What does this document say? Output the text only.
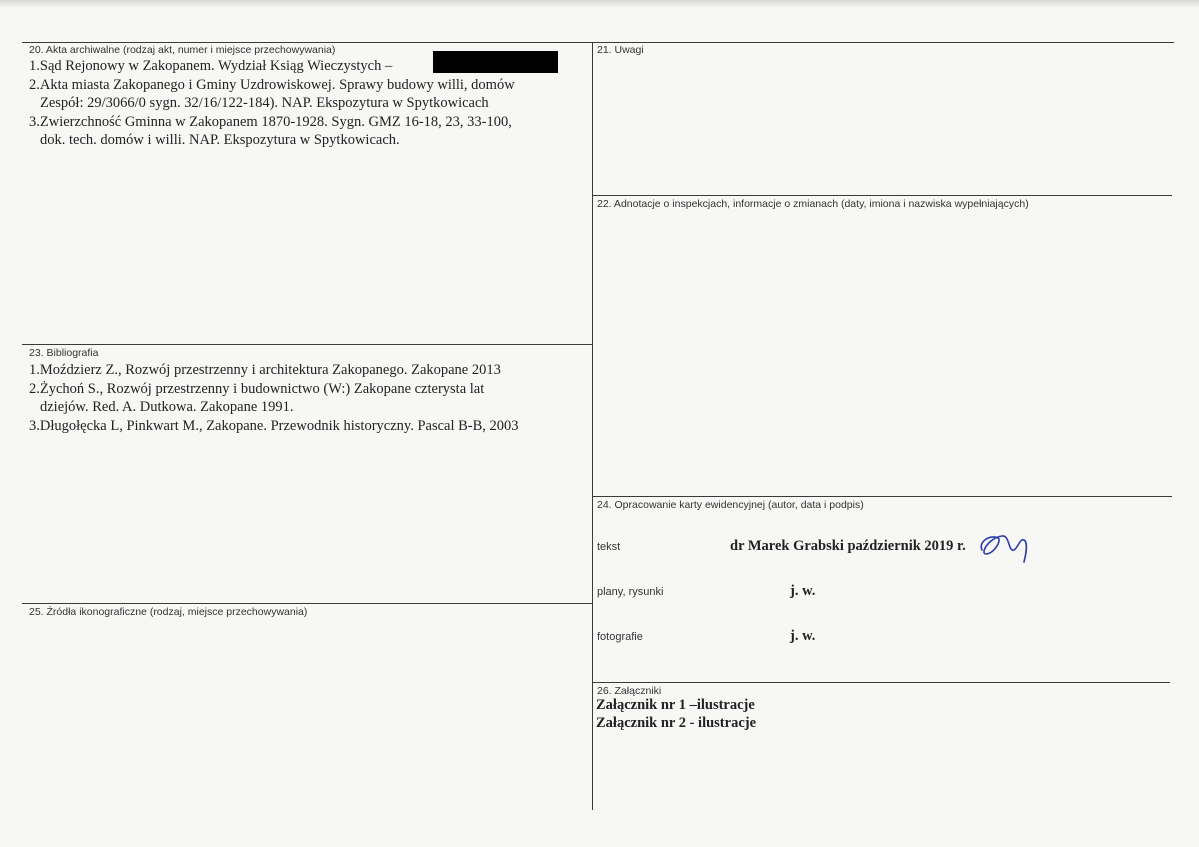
20. Akta archiwalne (rodzaj akt, numer i miejsce przechowywania)
1.Sąd Rejonowy w Zakopanem. Wydział Ksiąg Wieczystych –
2.Akta miasta Zakopanego i Gminy Uzdrowiskowej. Sprawy budowy willi, domów
Zespół: 29/3066/0 sygn. 32/16/122-184). NAP. Ekspozytura w Spytkowicach
3.Zwierzchność Gminna w Zakopanem 1870-1928. Sygn. GMZ 16-18, 23, 33-100,
dok. tech. domów i willi. NAP. Ekspozytura w Spytkowicach.
21. Uwagi
22. Adnotacje o inspekcjach, informacje o zmianach (daty, imiona i nazwiska wypełniających)
23. Bibliografia
1.Moździerz Z., Rozwój przestrzenny i architektura Zakopanego. Zakopane 2013
2.Żychoń S., Rozwój przestrzenny i budownictwo (W:) Zakopane czterysta lat
dziejów. Red. A. Dutkowa. Zakopane 1991.
3.Długołęcka L, Pinkwart M., Zakopane. Przewodnik historyczny. Pascal B-B, 2003
24. Opracowanie karty ewidencyjnej (autor, data i podpis)
tekst	dr Marek Grabski październik 2019 r.
plany, rysunki	j. w.
fotografie	j. w.
25. Źródła ikonograficzne (rodzaj, miejsce przechowywania)
26. Załączniki
Załącznik nr 1 –ilustracje
Załącznik nr 2 - ilustracje
